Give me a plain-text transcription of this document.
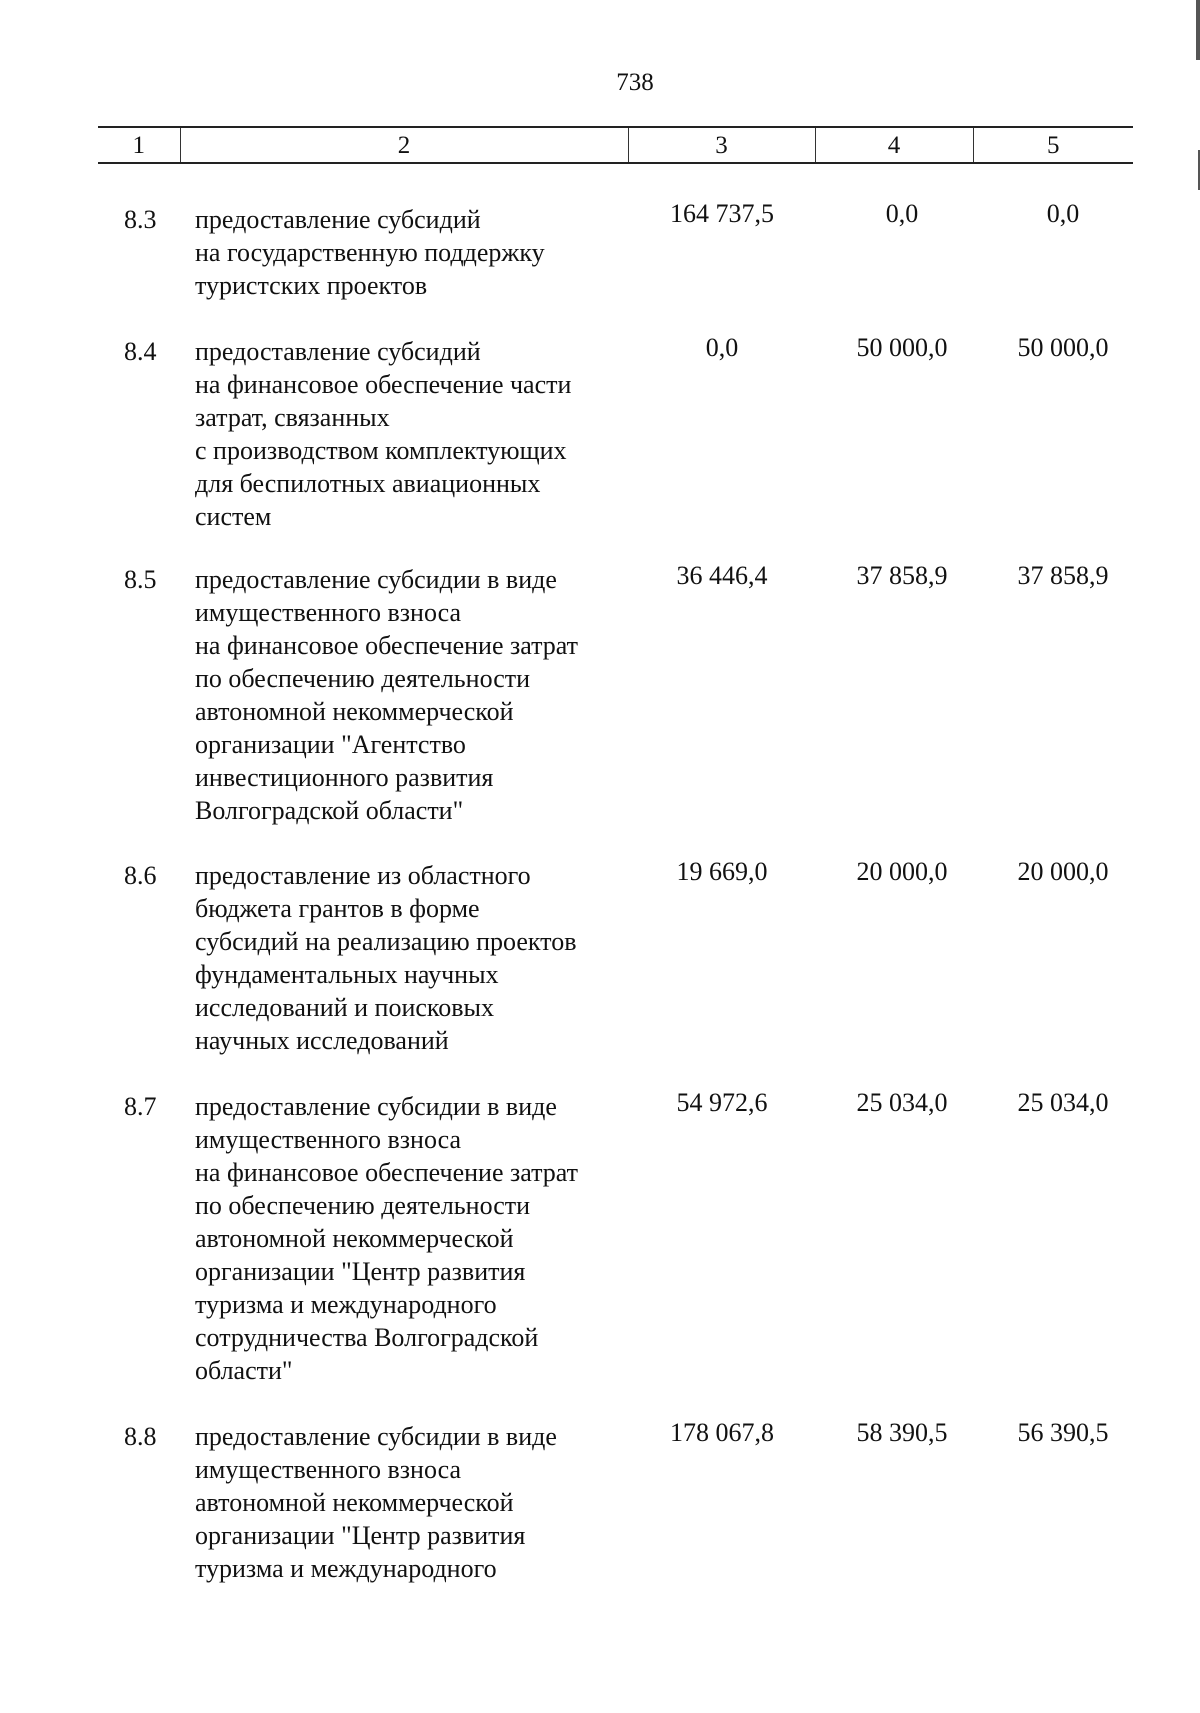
738
1	2	3	4	5
8.3 предоставление субсидий
на государственную поддержку
туристских проектов
164 737,5	0,0	0,0
8.4 предоставление субсидий
на финансовое обеспечение части
затрат, связанных
с производством комплектующих
для беспилотных авиационных
систем
0,0	50 000,0	50 000,0
8.5 предоставление субсидии в виде
имущественного взноса
на финансовое обеспечение затрат
по обеспечению деятельности
автономной некоммерческой
организации "Агентство
инвестиционного развития
Волгоградской области"
36 446,4	37 858,9	37 858,9
8.6 предоставление из областного
бюджета грантов в форме
субсидий на реализацию проектов
фундаментальных научных
исследований и поисковых
научных исследований
19 669,0	20 000,0	20 000,0
8.7 предоставление субсидии в виде
имущественного взноса
на финансовое обеспечение затрат
по обеспечению деятельности
автономной некоммерческой
организации "Центр развития
туризма и международного
сотрудничества Волгоградской
области"
54 972,6	25 034,0	25 034,0
8.8 предоставление субсидии в виде
имущественного взноса
автономной некоммерческой
организации "Центр развития
туризма и международного
178 067,8	58 390,5	56 390,5
